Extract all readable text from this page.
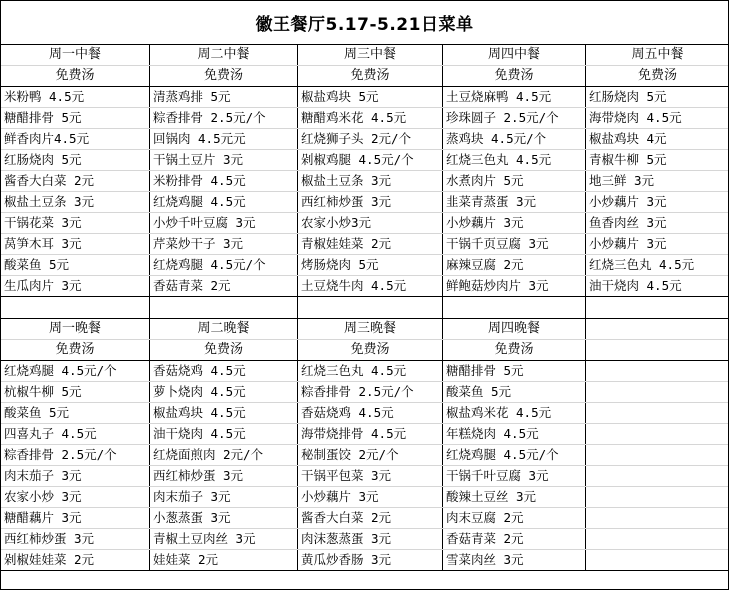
徽王餐厅5.17-5.21日菜单
周一中餐	周二中餐	周三中餐	周四中餐	周五中餐
免费汤	免费汤	免费汤	免费汤	免费汤
米粉鸭 4.5元	清蒸鸡排 5元	椒盐鸡块 5元	土豆烧麻鸭 4.5元	红肠烧肉 5元
糖醋排骨 5元	粽香排骨 2.5元/个	糖醋鸡米花 4.5元	珍珠圆子 2.5元/个	海带烧肉 4.5元
鲜香肉片4.5元	回锅肉 4.5元元	红烧狮子头 2元/个	蒸鸡块 4.5元/个	椒盐鸡块 4元
红肠烧肉 5元	干锅土豆片 3元	剁椒鸡腿 4.5元/个	红烧三色丸 4.5元	青椒牛柳 5元
酱香大白菜 2元	米粉排骨 4.5元	椒盐土豆条 3元	水煮肉片 5元	地三鲜 3元
椒盐土豆条 3元	红烧鸡腿 4.5元	西红柿炒蛋 3元	韭菜青蒸蛋 3元	小炒藕片 3元
干锅花菜 3元	小炒千叶豆腐 3元	农家小炒3元	小炒藕片 3元	鱼香肉丝 3元
莴笋木耳 3元	芹菜炒干子 3元	青椒娃娃菜 2元	干锅千页豆腐 3元	小炒藕片 3元
酸菜鱼 5元	红烧鸡腿 4.5元/个	烤肠烧肉 5元	麻辣豆腐 2元	红烧三色丸 4.5元
生瓜肉片 3元	香菇青菜 2元	土豆烧牛肉 4.5元	鲜鲍菇炒肉片 3元	油干烧肉 4.5元

周一晚餐	周二晚餐	周三晚餐	周四晚餐	
免费汤	免费汤	免费汤	免费汤	
红烧鸡腿 4.5元/个	香菇烧鸡 4.5元	红烧三色丸 4.5元	糖醋排骨 5元	
杭椒牛柳 5元	萝卜烧肉 4.5元	粽香排骨 2.5元/个	酸菜鱼 5元	
酸菜鱼 5元	椒盐鸡块 4.5元	香菇烧鸡 4.5元	椒盐鸡米花 4.5元	
四喜丸子 4.5元	油干烧肉 4.5元	海带烧排骨 4.5元	年糕烧肉 4.5元	
粽香排骨 2.5元/个	红烧面煎肉 2元/个	秘制蛋饺 2元/个	红烧鸡腿 4.5元/个	
肉末茄子 3元	西红柿炒蛋 3元	干锅平包菜 3元	干锅千叶豆腐 3元	
农家小炒 3元	肉末茄子 3元	小炒藕片 3元	酸辣土豆丝 3元	
糖醋藕片 3元	小葱蒸蛋 3元	酱香大白菜 2元	肉末豆腐 2元	
西红柿炒蛋 3元	青椒土豆肉丝 3元	肉沫葱蒸蛋 3元	香菇青菜 2元	
剁椒娃娃菜 2元	娃娃菜 2元	黄瓜炒香肠 3元	雪菜肉丝 3元	
